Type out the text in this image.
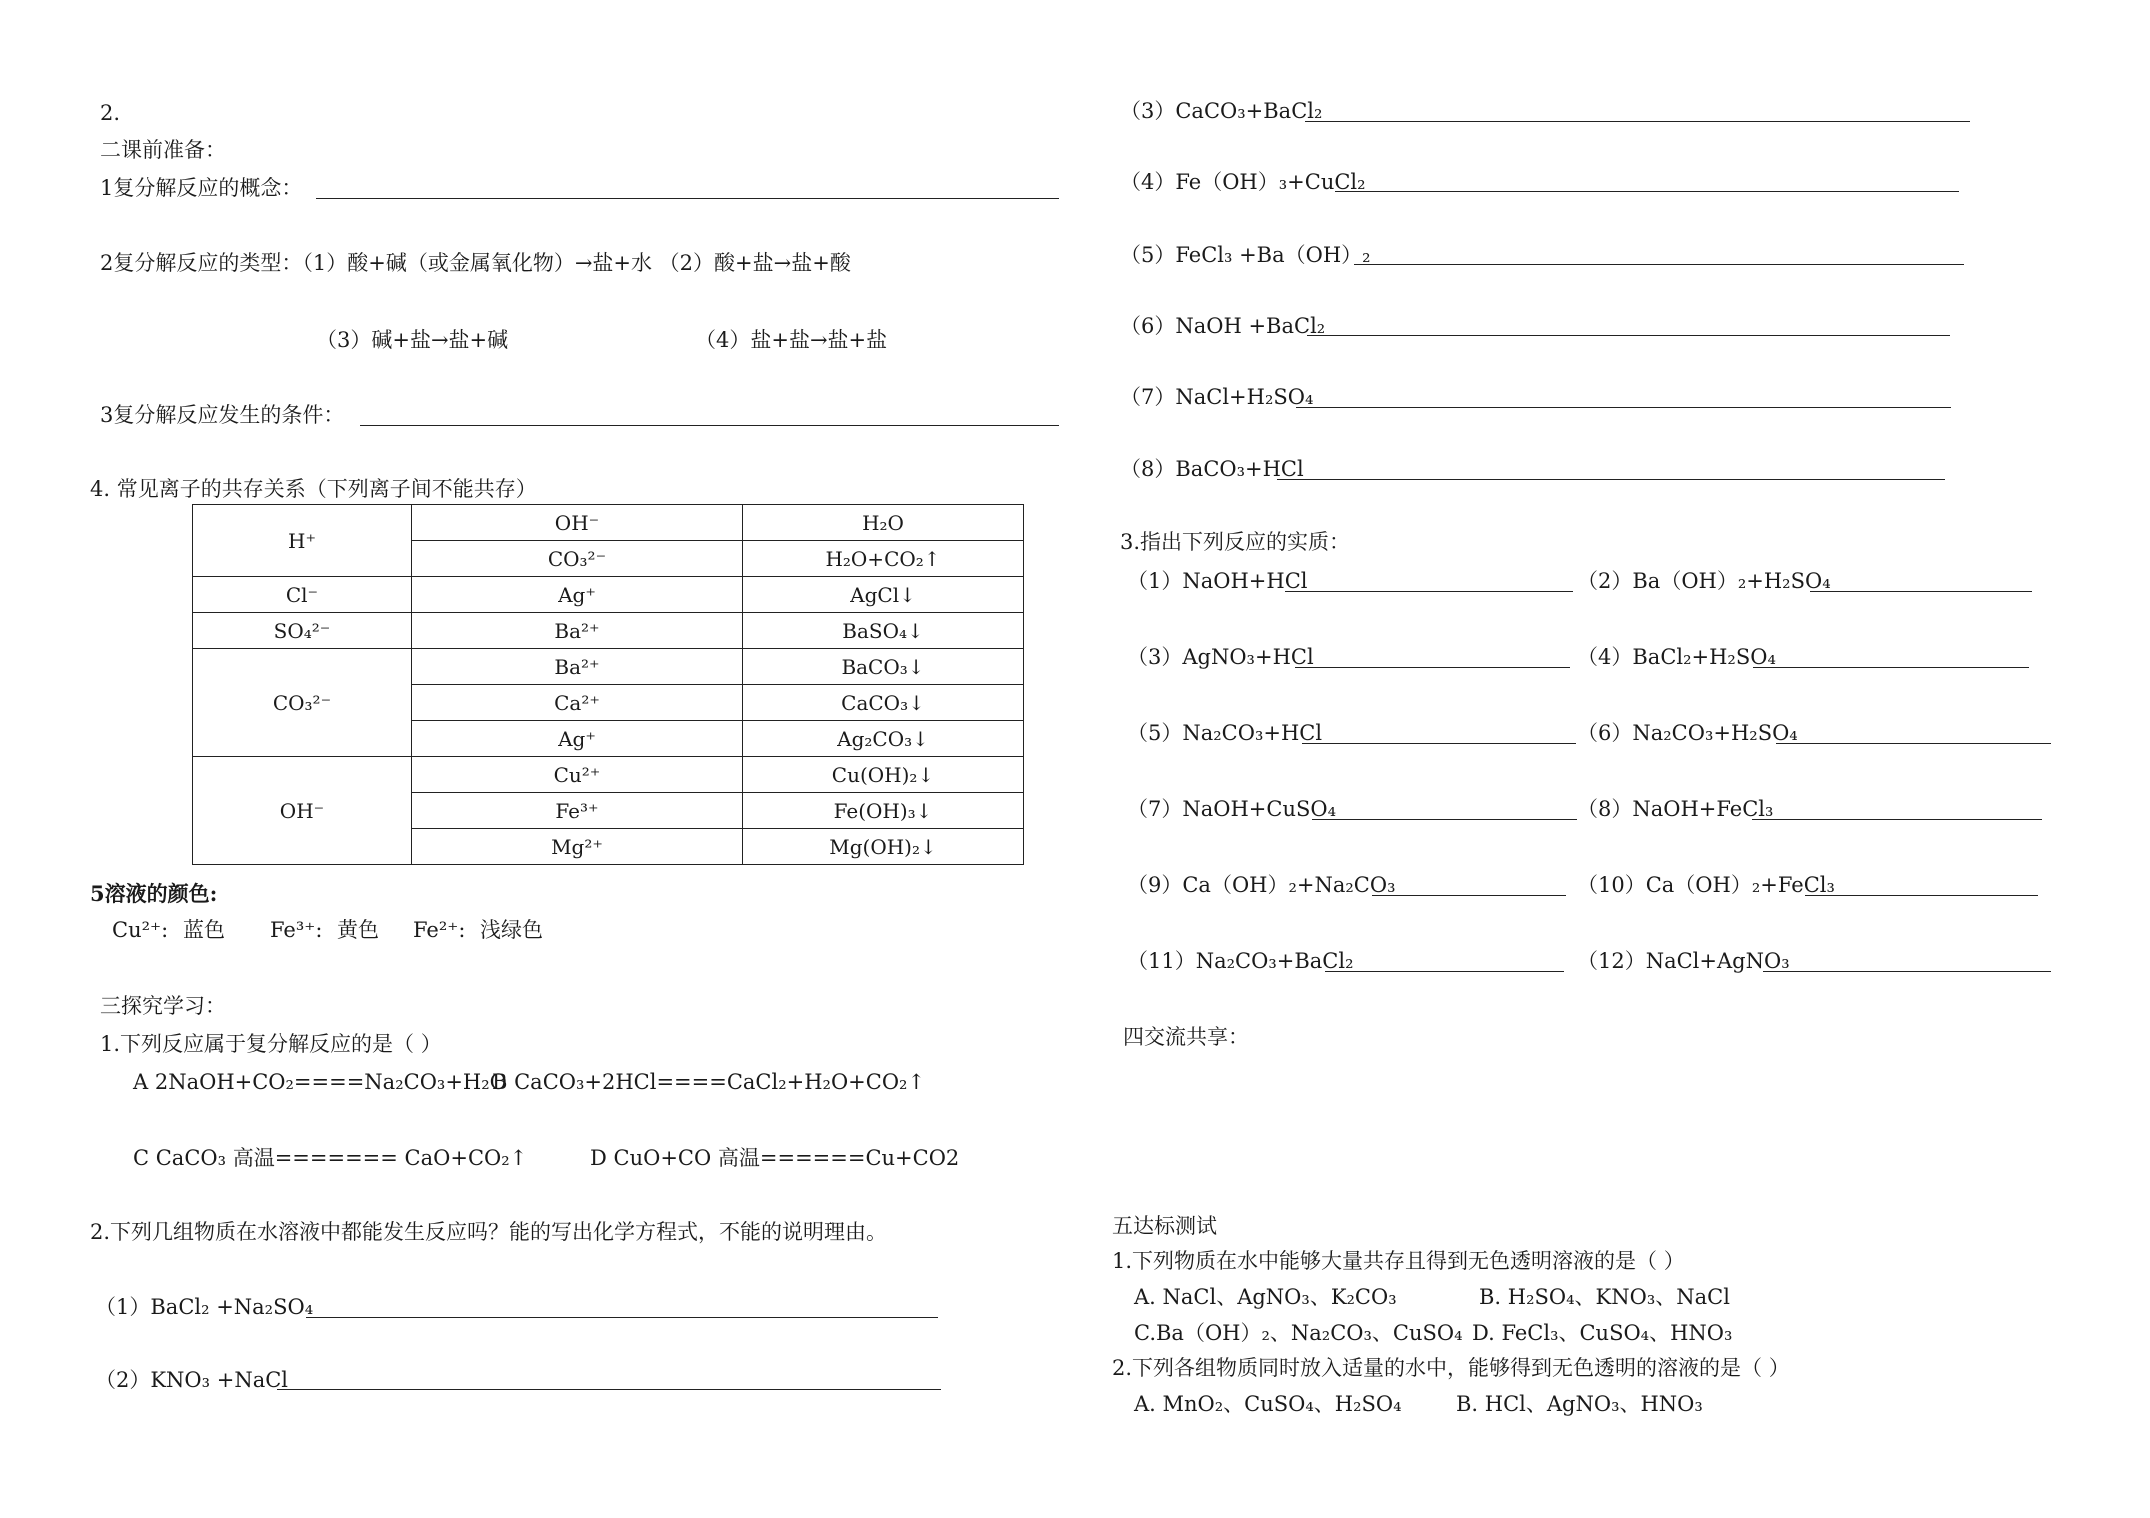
2.
二课前准备：
1复分解反应的概念：
2复分解反应的类型：（1）酸+碱（或金属氧化物）→盐+水 （2）酸+盐→盐+酸
（3）碱+盐→盐+碱	（4）盐+盐→盐+盐
3复分解反应发生的条件：
4. 常见离子的共存关系（下列离子间不能共存）
H⁺	OH⁻	H₂O
	CO₃²⁻	H₂O+CO₂↑
Cl⁻	Ag⁺	AgCl↓
SO₄²⁻	Ba²⁺	BaSO₄↓
CO₃²⁻	Ba²⁺	BaCO₃↓
	Ca²⁺	CaCO₃↓
	Ag⁺	Ag₂CO₃↓
OH⁻	Cu²⁺	Cu(OH)₂↓
	Fe³⁺	Fe(OH)₃↓
	Mg²⁺	Mg(OH)₂↓
5溶液的颜色:
Cu²⁺: 蓝色 Fe³⁺: 黄色 Fe²⁺: 浅绿色
三探究学习：
1.下列反应属于复分解反应的是（ ）
A 2NaOH+CO₂====Na₂CO₃+H₂O
B CaCO₃+2HCl====CaCl₂+H₂O+CO₂↑
C CaCO₃ 高温======= CaO+CO₂↑	D CuO+CO 高温======Cu+CO2
2.下列几组物质在水溶液中都能发生反应吗？能的写出化学方程式，不能的说明理由。
（1）BaCl₂ +Na₂SO₄
（2）KNO₃ +NaCl
（3）CaCO₃+BaCl₂
（4）Fe（OH）₃+CuCl₂
（5）FeCl₃ +Ba（OH）₂
（6）NaOH +BaCl₂
（7）NaCl+H₂SO₄
（8）BaCO₃+HCl
3.指出下列反应的实质：
（1）NaOH+HCl	（2）Ba（OH）₂+H₂SO₄
（3）AgNO₃+HCl	（4）BaCl₂+H₂SO₄
（5）Na₂CO₃+HCl	（6）Na₂CO₃+H₂SO₄
（7）NaOH+CuSO₄	（8）NaOH+FeCl₃
（9）Ca（OH）₂+Na₂CO₃	（10）Ca（OH）₂+FeCl₃
（11）Na₂CO₃+BaCl₂	（12）NaCl+AgNO₃
四交流共享：
五达标测试
1.下列物质在水中能够大量共存且得到无色透明溶液的是（ ）
A. NaCl、AgNO₃、K₂CO₃	B. H₂SO₄、KNO₃、NaCl
C.Ba（OH）₂、Na₂CO₃、CuSO₄ D. FeCl₃、CuSO₄、HNO₃
2.下列各组物质同时放入适量的水中，能够得到无色透明的溶液的是（ ）
A. MnO₂、CuSO₄、H₂SO₄	B. HCl、AgNO₃、HNO₃
